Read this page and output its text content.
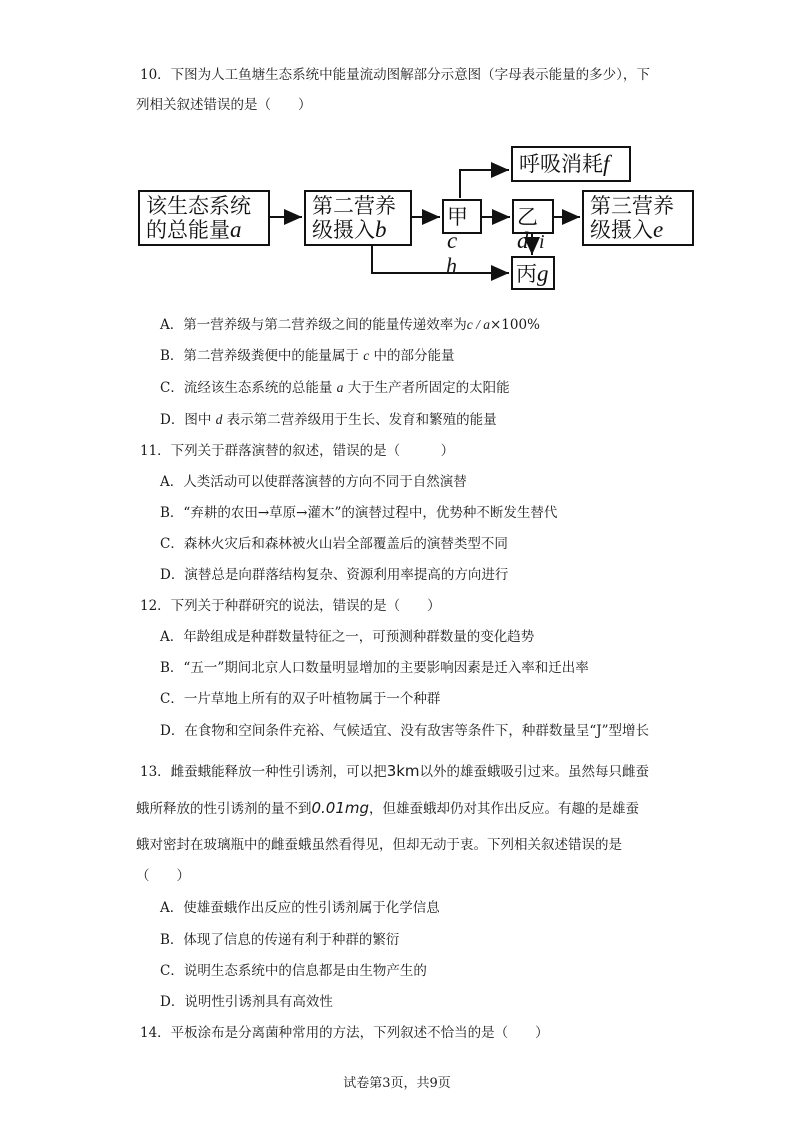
10．下图为人工鱼塘生态系统中能量流动图解部分示意图（字母表示能量的多少），下
列相关叙述错误的是（　　）
该生态系统
的总能量a
第二营养
级摄入b	甲c
呼吸消耗f
乙d
第三营养
级摄入e
丙g
h
i
A．第一营养级与第二营养级之间的能量传递效率为c / a×100%
B．第二营养级粪便中的能量属于 c 中的部分能量
C．流经该生态系统的总能量 a 大于生产者所固定的太阳能
D．图中 d 表示第二营养级用于生长、发育和繁殖的能量
11．下列关于群落演替的叙述，错误的是（　　　）
A．人类活动可以使群落演替的方向不同于自然演替
B．“弃耕的农田→草原→灌木”的演替过程中，优势种不断发生替代
C．森林火灾后和森林被火山岩全部覆盖后的演替类型不同
D．演替总是向群落结构复杂、资源利用率提高的方向进行
12．下列关于种群研究的说法，错误的是（　　）
A．年龄组成是种群数量特征之一，可预测种群数量的变化趋势
B．“五一”期间北京人口数量明显增加的主要影响因素是迁入率和迁出率
C．一片草地上所有的双子叶植物属于一个种群
D．在食物和空间条件充裕、气候适宜、没有敌害等条件下，种群数量呈“J”型增长
13．雌蚕蛾能释放一种性引诱剂，可以把3km以外的雄蚕蛾吸引过来。虽然每只雌蚕
蛾所释放的性引诱剂的量不到0.01mg，但雄蚕蛾却仍对其作出反应。有趣的是雄蚕
蛾对密封在玻璃瓶中的雌蚕蛾虽然看得见，但却无动于衷。下列相关叙述错误的是
（　　）
A．使雄蚕蛾作出反应的性引诱剂属于化学信息
B．体现了信息的传递有利于种群的繁衍
C．说明生态系统中的信息都是由生物产生的
D．说明性引诱剂具有高效性
14．平板涂布是分离菌种常用的方法，下列叙述不恰当的是（　　）
试卷第3页，共9页
